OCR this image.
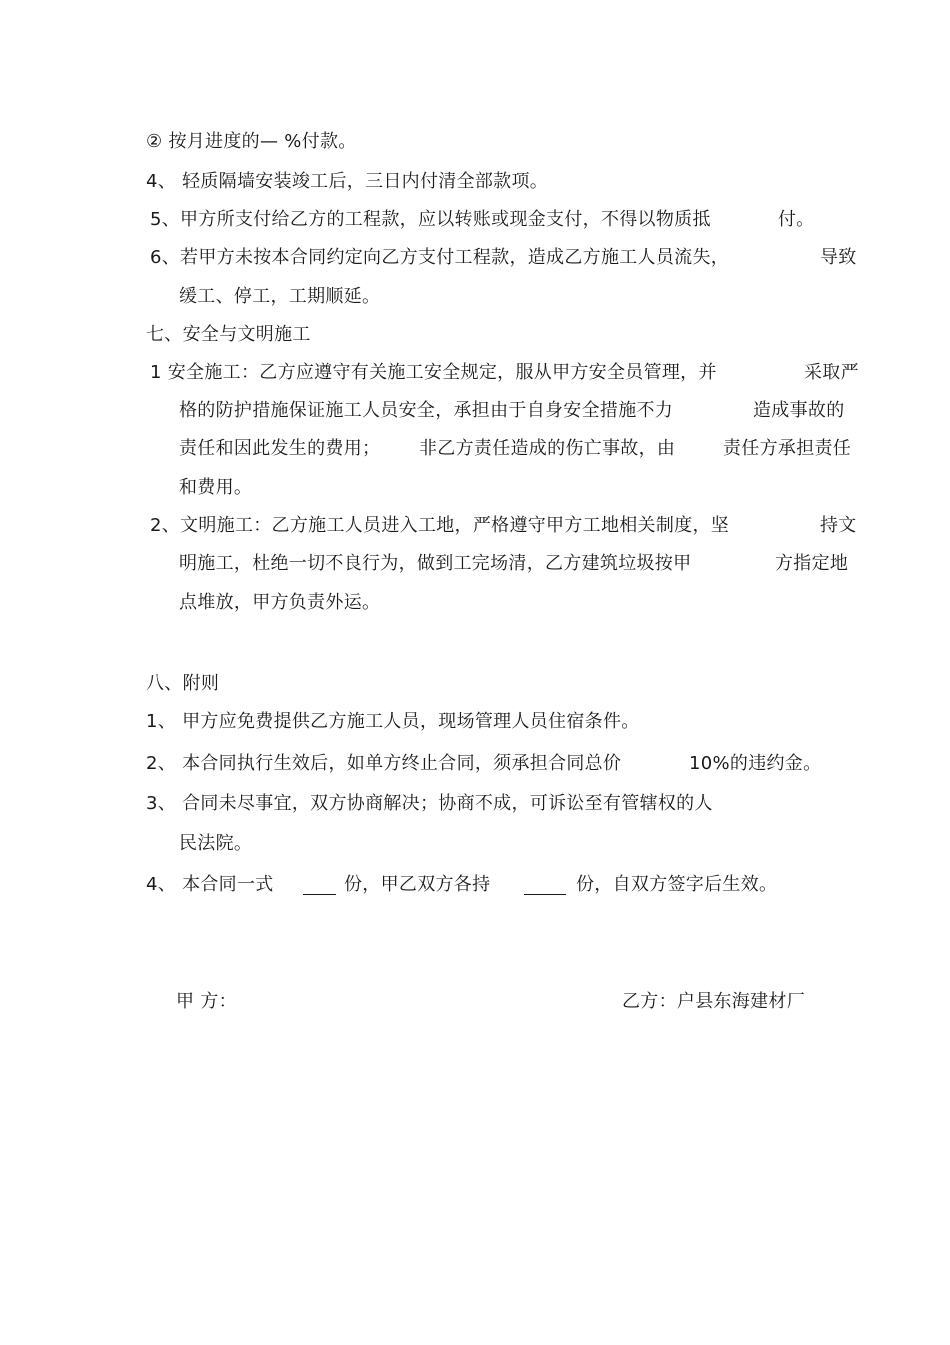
② 按月进度的— %付款。
4、 轻质隔墙安装竣工后，三日内付清全部款项。
5、甲方所支付给乙方的工程款，应以转账或现金支付，不得以物质抵	付。
6、若甲方未按本合同约定向乙方支付工程款，造成乙方施工人员流失，	导致
缓工、停工，工期顺延。
七、安全与文明施工
1 安全施工：乙方应遵守有关施工安全规定，服从甲方安全员管理，并	采取严
格的防护措施保证施工人员安全，承担由于自身安全措施不力	造成事故的
责任和因此发生的费用； 非乙方责任造成的伤亡事故，由	责任方承担责任
和费用。
2、文明施工：乙方施工人员进入工地，严格遵守甲方工地相关制度，坚	持文
明施工，杜绝一切不良行为，做到工完场清，乙方建筑垃圾按甲	方指定地
点堆放，甲方负责外运。
八、附则
1、 甲方应免费提供乙方施工人员，现场管理人员住宿条件。
2、 本合同执行生效后，如单方终止合同，须承担合同总价	10%的违约金。
3、 合同未尽事宜，双方协商解决；协商不成，可诉讼至有管辖权的人
民法院。
4、 本合同一式	份，甲乙双方各持	份，自双方签字后生效。
甲 方：	乙方：户县东海建材厂
